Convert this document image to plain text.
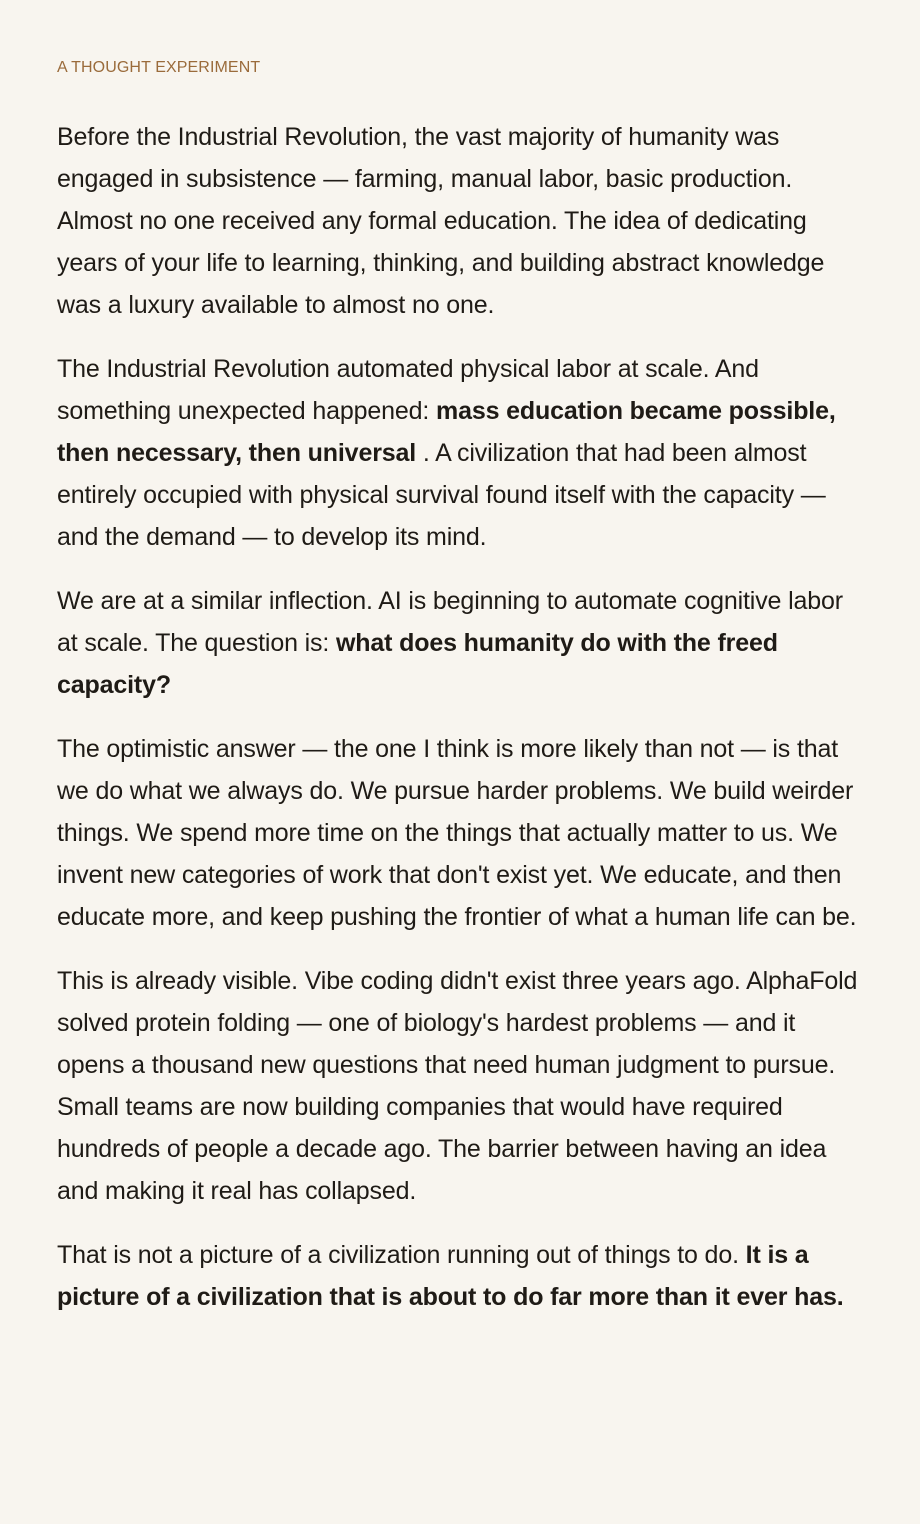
A THOUGHT EXPERIMENT

Before the Industrial Revolution, the vast majority of humanity was engaged in subsistence — farming, manual labor, basic production. Almost no one received any formal education. The idea of dedicating years of your life to learning, thinking, and building abstract knowledge was a luxury available to almost no one.

The Industrial Revolution automated physical labor at scale. And something unexpected happened: mass education became possible, then necessary, then universal . A civilization that had been almost entirely occupied with physical survival found itself with the capacity — and the demand — to develop its mind.

We are at a similar inflection. AI is beginning to automate cognitive labor at scale. The question is: what does humanity do with the freed capacity?

The optimistic answer — the one I think is more likely than not — is that we do what we always do. We pursue harder problems. We build weirder things. We spend more time on the things that actually matter to us. We invent new categories of work that don't exist yet. We educate, and then educate more, and keep pushing the frontier of what a human life can be.

This is already visible. Vibe coding didn't exist three years ago. AlphaFold solved protein folding — one of biology's hardest problems — and it opens a thousand new questions that need human judgment to pursue. Small teams are now building companies that would have required hundreds of people a decade ago. The barrier between having an idea and making it real has collapsed.

That is not a picture of a civilization running out of things to do. It is a picture of a civilization that is about to do far more than it ever has.
